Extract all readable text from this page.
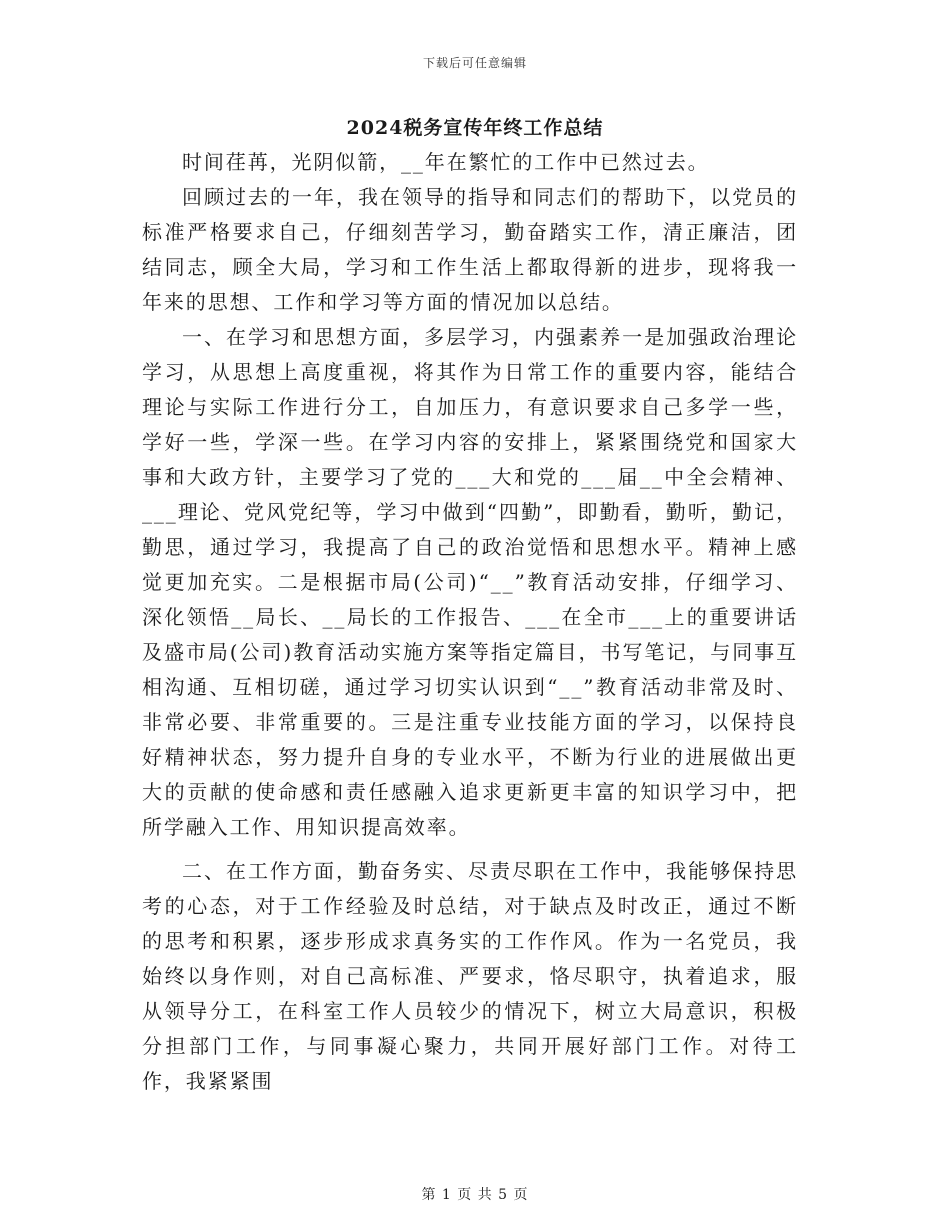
下载后可任意编辑
2024税务宣传年终工作总结

时间荏苒，光阴似箭，__年在繁忙的工作中已然过去。

回顾过去的一年，我在领导的指导和同志们的帮助下，以党员的标准严格要求自己，仔细刻苦学习，勤奋踏实工作，清正廉洁，团结同志，顾全大局，学习和工作生活上都取得新的进步，现将我一年来的思想、工作和学习等方面的情况加以总结。

一、在学习和思想方面，多层学习，内强素养一是加强政治理论学习，从思想上高度重视，将其作为日常工作的重要内容，能结合理论与实际工作进行分工，自加压力，有意识要求自己多学一些，学好一些，学深一些。在学习内容的安排上，紧紧围绕党和国家大事和大政方针，主要学习了党的___大和党的___届__中全会精神、___理论、党风党纪等，学习中做到“四勤”，即勤看，勤听，勤记，勤思，通过学习，我提高了自己的政治觉悟和思想水平。精神上感觉更加充实。二是根据市局(公司)“__”教育活动安排，仔细学习、深化领悟__局长、__局长的工作报告、___在全市___上的重要讲话及盛市局(公司)教育活动实施方案等指定篇目，书写笔记，与同事互相沟通、互相切磋，通过学习切实认识到“__”教育活动非常及时、非常必要、非常重要的。三是注重专业技能方面的学习，以保持良好精神状态，努力提升自身的专业水平，不断为行业的进展做出更大的贡献的使命感和责任感融入追求更新更丰富的知识学习中，把所学融入工作、用知识提高效率。

二、在工作方面，勤奋务实、尽责尽职在工作中，我能够保持思考的心态，对于工作经验及时总结，对于缺点及时改正，通过不断的思考和积累，逐步形成求真务实的工作作风。作为一名党员，我始终以身作则，对自己高标准、严要求，恪尽职守，执着追求，服从领导分工，在科室工作人员较少的情况下，树立大局意识，积极分担部门工作，与同事凝心聚力，共同开展好部门工作。对待工作，我紧紧围

第 1 页 共 5 页
